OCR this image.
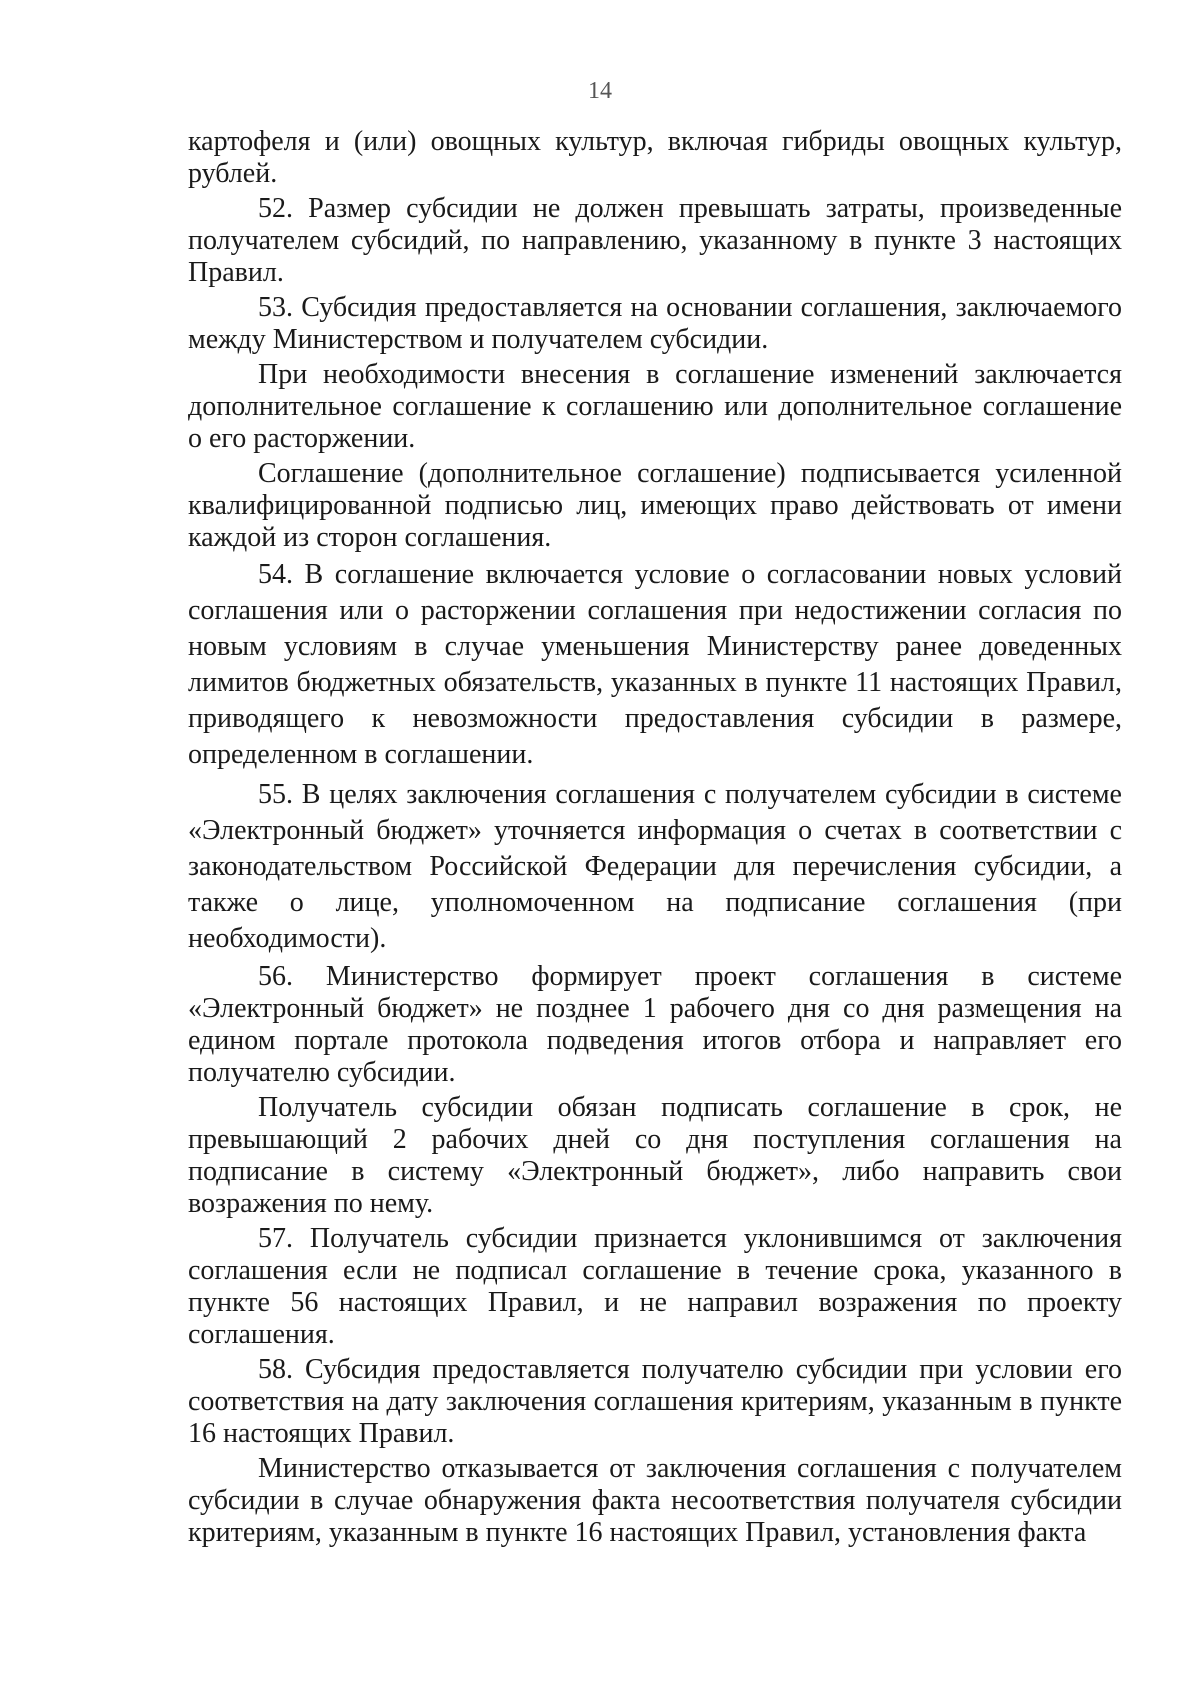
14

картофеля и (или) овощных культур, включая гибриды овощных культур, рублей.

52. Размер субсидии не должен превышать затраты, произведенные получателем субсидий, по направлению, указанному в пункте 3 настоящих Правил.

53. Субсидия предоставляется на основании соглашения, заключаемого между Министерством и получателем субсидии.

При необходимости внесения в соглашение изменений заключается дополнительное соглашение к соглашению или дополнительное соглашение о его расторжении.

Соглашение (дополнительное соглашение) подписывается усиленной квалифицированной подписью лиц, имеющих право действовать от имени каждой из сторон соглашения.

54. В соглашение включается условие о согласовании новых условий соглашения или о расторжении соглашения при недостижении согласия по новым условиям в случае уменьшения Министерству ранее доведенных лимитов бюджетных обязательств, указанных в пункте 11 настоящих Правил, приводящего к невозможности предоставления субсидии в размере, определенном в соглашении.

55. В целях заключения соглашения с получателем субсидии в системе «Электронный бюджет» уточняется информация о счетах в соответствии с законодательством Российской Федерации для перечисления субсидии, а также о лице, уполномоченном на подписание соглашения (при необходимости).

56. Министерство формирует проект соглашения в системе «Электронный бюджет» не позднее 1 рабочего дня со дня размещения на едином портале протокола подведения итогов отбора и направляет его получателю субсидии.

Получатель субсидии обязан подписать соглашение в срок, не превышающий 2 рабочих дней со дня поступления соглашения на подписание в систему «Электронный бюджет», либо направить свои возражения по нему.

57. Получатель субсидии признается уклонившимся от заключения соглашения если не подписал соглашение в течение срока, указанного в пункте 56 настоящих Правил, и не направил возражения по проекту соглашения.

58. Субсидия предоставляется получателю субсидии при условии его соответствия на дату заключения соглашения критериям, указанным в пункте 16 настоящих Правил.

Министерство отказывается от заключения соглашения с получателем субсидии в случае обнаружения факта несоответствия получателя субсидии критериям, указанным в пункте 16 настоящих Правил, установления факта
